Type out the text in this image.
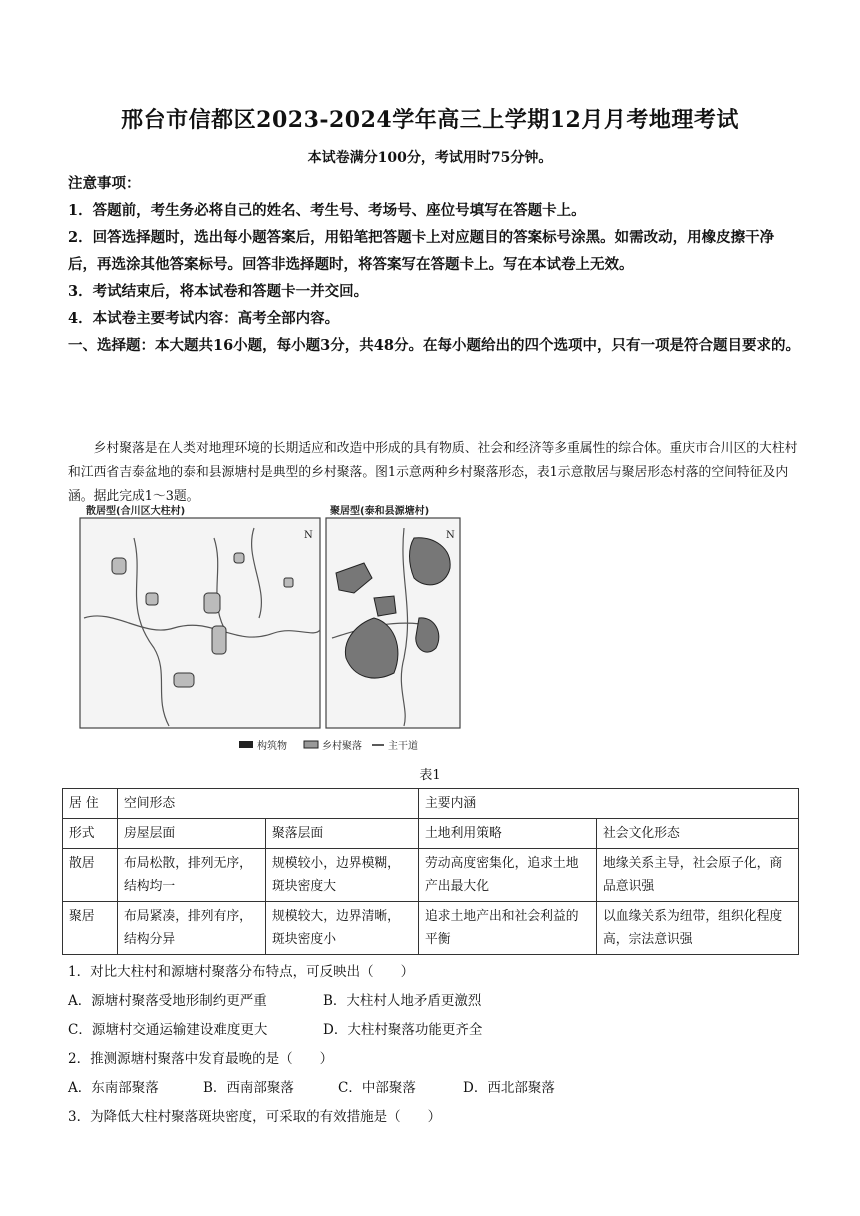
邢台市信都区2023-2024学年高三上学期12月月考地理考试
本试卷满分100分，考试用时75分钟。

注意事项：

1．答题前，考生务必将自己的姓名、考生号、考场号、座位号填写在答题卡上。

2．回答选择题时，选出每小题答案后，用铅笔把答题卡上对应题目的答案标号涂黑。如需改动，用橡皮擦干净后，再选涂其他答案标号。回答非选择题时，将答案写在答题卡上。写在本试卷上无效。

3．考试结束后，将本试卷和答题卡一并交回。

4．本试卷主要考试内容：高考全部内容。

一、选择题：本大题共16小题，每小题3分，共48分。在每小题给出的四个选项中，只有一项是符合题目要求的。

乡村聚落是在人类对地理环境的长期适应和改造中形成的具有物质、社会和经济等多重属性的综合体。重庆市合川区的大柱村和江西省吉泰盆地的泰和县源塘村是典型的乡村聚落。图1示意两种乡村聚落形态，表1示意散居与聚居形态村落的空间特征及内涵。据此完成1～3题。

散居型(合川区大柱村)
N
聚居型(泰和县源塘村)
N
构筑物	乡村聚落	主干道
表1
居 住	空间形态		主要内涵	
形式	房屋层面	聚落层面	土地利用策略	社会文化形态
散居	布局松散，排列无序，结构均一	规模较小，边界模糊，斑块密度大	劳动高度密集化，追求土地产出最大化	地缘关系主导，社会原子化，商品意识强
聚居	布局紧凑，排列有序，结构分异	规模较大，边界清晰，斑块密度小	追求土地产出和社会利益的平衡	以血缘关系为纽带，组织化程度高，宗法意识强

1．对比大柱村和源塘村聚落分布特点，可反映出（　　）

A．源塘村聚落受地形制约更严重	B．大柱村人地矛盾更激烈

C．源塘村交通运输建设难度更大	D．大柱村聚落功能更齐全

2．推测源塘村聚落中发育最晚的是（　　）

A．东南部聚落	B．西南部聚落	C．中部聚落	D．西北部聚落

3．为降低大柱村聚落斑块密度，可采取的有效措施是（　　）
